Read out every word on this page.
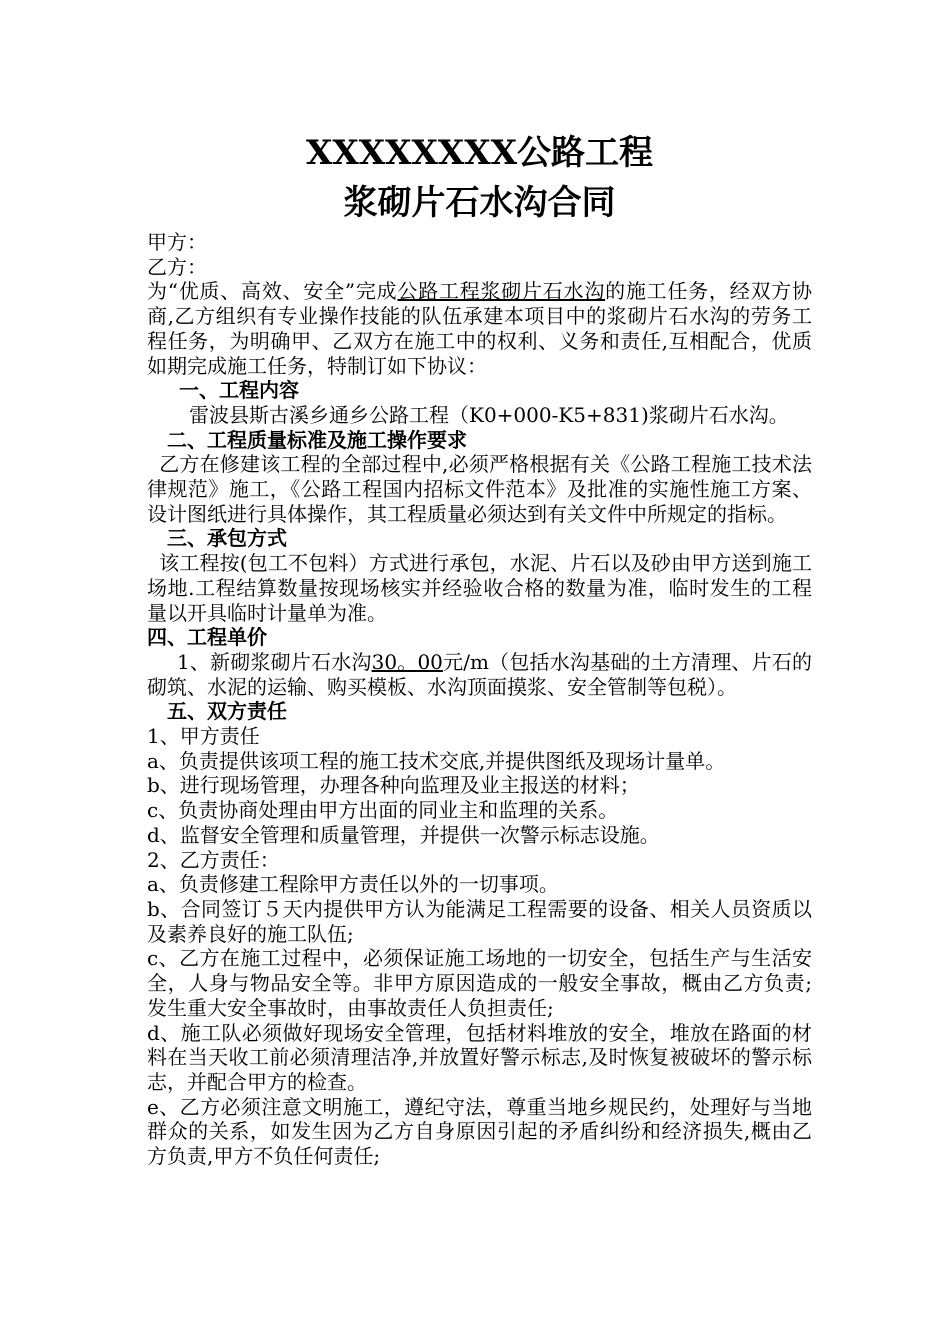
XXXXXXXX公路工程
浆砌片石水沟合同

甲方：

乙方：

为“优质、高效、安全”完成公路工程浆砌片石水沟的施工任务，经双方协商,乙方组织有专业操作技能的队伍承建本项目中的浆砌片石水沟的劳务工程任务，为明确甲、乙双方在施工中的权利、义务和责任,互相配合，优质如期完成施工任务，特制订如下协议：

一、工程内容

雷波县斯古溪乡通乡公路工程（K0+000-K5+831)浆砌片石水沟。

二、工程质量标准及施工操作要求

乙方在修建该工程的全部过程中,必须严格根据有关《公路工程施工技术法律规范》施工，《公路工程国内招标文件范本》及批准的实施性施工方案、设计图纸进行具体操作，其工程质量必须达到有关文件中所规定的指标。

三、承包方式

该工程按(包工不包料）方式进行承包，水泥、片石以及砂由甲方送到施工场地.工程结算数量按现场核实并经验收合格的数量为准，临时发生的工程量以开具临时计量单为准。

四、工程单价

1、新砌浆砌片石水沟30。00元/m（包括水沟基础的土方清理、片石的砌筑、水泥的运输、购买模板、水沟顶面摸浆、安全管制等包税）。

五、双方责任

1、甲方责任

a、负责提供该项工程的施工技术交底,并提供图纸及现场计量单。

b、进行现场管理，办理各种向监理及业主报送的材料；

c、负责协商处理由甲方出面的同业主和监理的关系。

d、监督安全管理和质量管理，并提供一次警示标志设施。

2、乙方责任：

a、负责修建工程除甲方责任以外的一切事项。

b、合同签订５天内提供甲方认为能满足工程需要的设备、相关人员资质以及素养良好的施工队伍;

c、乙方在施工过程中，必须保证施工场地的一切安全，包括生产与生活安全，人身与物品安全等。非甲方原因造成的一般安全事故，概由乙方负责;发生重大安全事故时，由事故责任人负担责任;

d、施工队必须做好现场安全管理，包括材料堆放的安全，堆放在路面的材料在当天收工前必须清理洁净,并放置好警示标志,及时恢复被破坏的警示标志，并配合甲方的检查。

e、乙方必须注意文明施工，遵纪守法，尊重当地乡规民约，处理好与当地群众的关系，如发生因为乙方自身原因引起的矛盾纠纷和经济损失,概由乙方负责,甲方不负任何责任;
